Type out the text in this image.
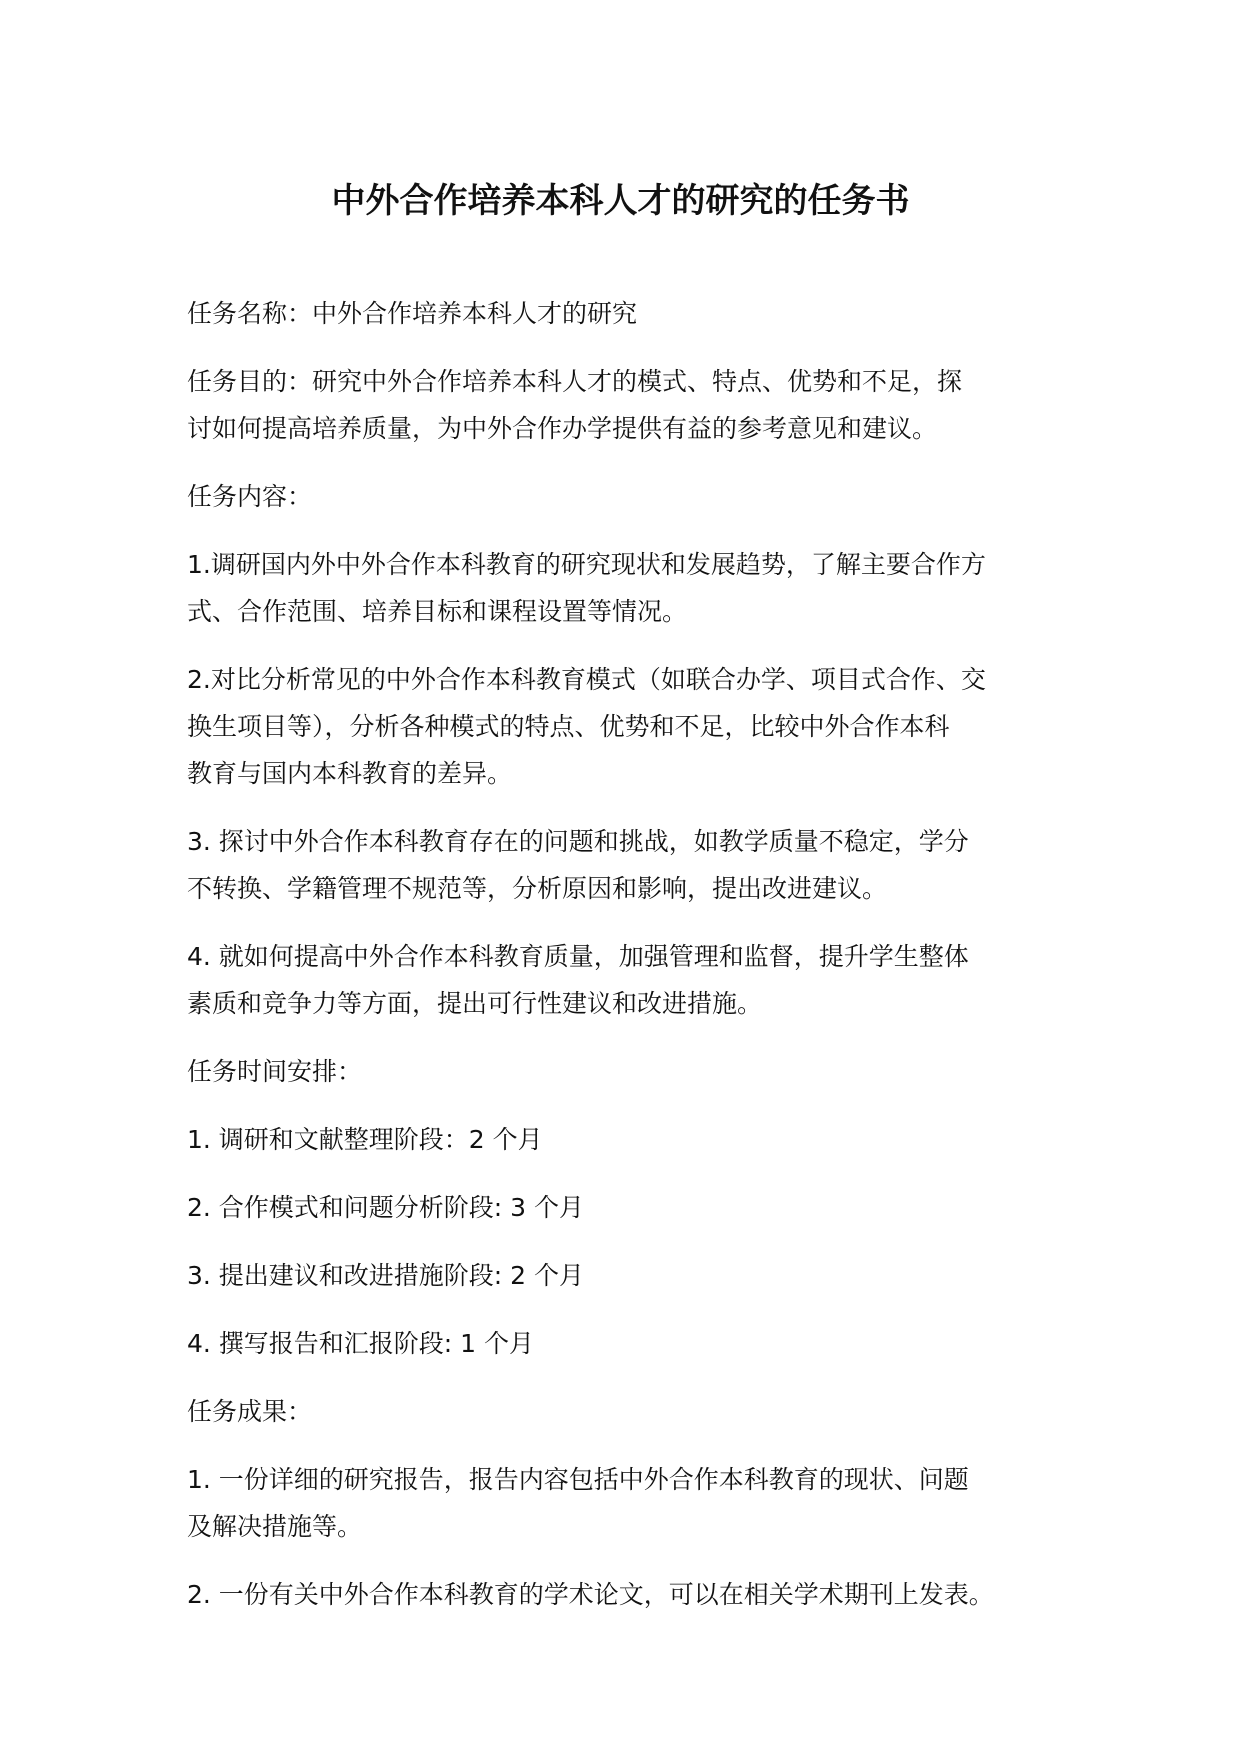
中外合作培养本科人才的研究的任务书
任务名称：中外合作培养本科人才的研究
任务目的：研究中外合作培养本科人才的模式、特点、优势和不足，探
讨如何提高培养质量，为中外合作办学提供有益的参考意见和建议。
任务内容：
1.调研国内外中外合作本科教育的研究现状和发展趋势，了解主要合作方
式、合作范围、培养目标和课程设置等情况。
2.对比分析常见的中外合作本科教育模式（如联合办学、项目式合作、交
换生项目等），分析各种模式的特点、优势和不足，比较中外合作本科
教育与国内本科教育的差异。
3. 探讨中外合作本科教育存在的问题和挑战，如教学质量不稳定，学分
不转换、学籍管理不规范等，分析原因和影响，提出改进建议。
4. 就如何提高中外合作本科教育质量，加强管理和监督，提升学生整体
素质和竞争力等方面，提出可行性建议和改进措施。
任务时间安排：
1. 调研和文献整理阶段：2 个月
2. 合作模式和问题分析阶段: 3 个月
3. 提出建议和改进措施阶段: 2 个月
4. 撰写报告和汇报阶段: 1 个月
任务成果：
1. 一份详细的研究报告，报告内容包括中外合作本科教育的现状、问题
及解决措施等。
2. 一份有关中外合作本科教育的学术论文，可以在相关学术期刊上发表。
